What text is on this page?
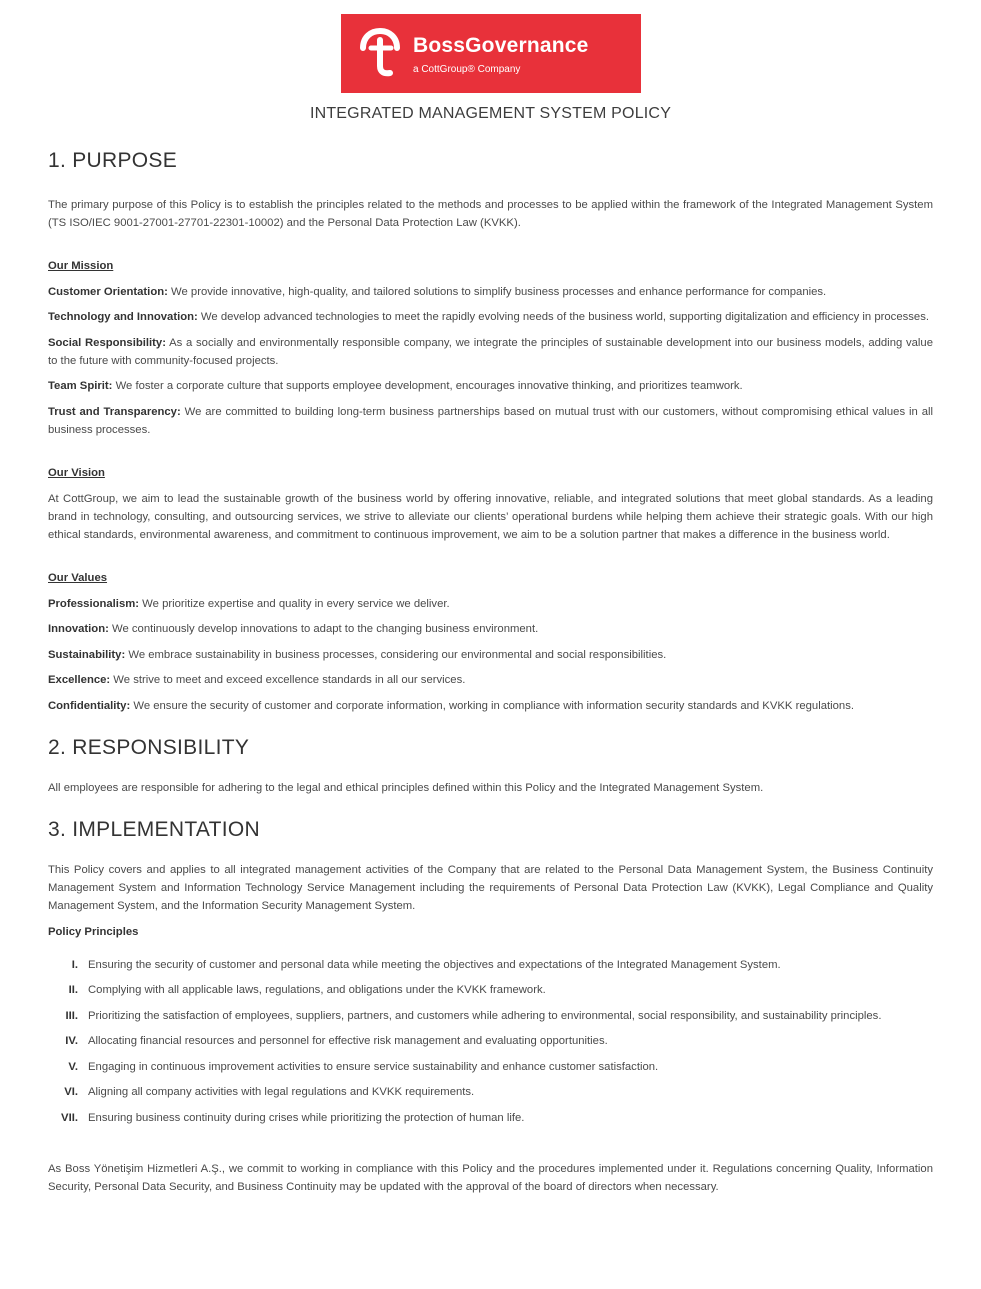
BossGovernance
a CottGroup® Company
INTEGRATED MANAGEMENT SYSTEM POLICY
1. PURPOSE

The primary purpose of this Policy is to establish the principles related to the methods and processes to be applied within the framework of the Integrated Management System (TS ISO/IEC 9001-27001-27701-22301-10002) and the Personal Data Protection Law (KVKK).

Our Mission

Customer Orientation: We provide innovative, high-quality, and tailored solutions to simplify business processes and enhance performance for companies.

Technology and Innovation: We develop advanced technologies to meet the rapidly evolving needs of the business world, supporting digitalization and efficiency in processes.

Social Responsibility: As a socially and environmentally responsible company, we integrate the principles of sustainable development into our business models, adding value to the future with community-focused projects.

Team Spirit: We foster a corporate culture that supports employee development, encourages innovative thinking, and prioritizes teamwork.

Trust and Transparency: We are committed to building long-term business partnerships based on mutual trust with our customers, without compromising ethical values in all business processes.

Our Vision

At CottGroup, we aim to lead the sustainable growth of the business world by offering innovative, reliable, and integrated solutions that meet global standards. As a leading brand in technology, consulting, and outsourcing services, we strive to alleviate our clients’ operational burdens while helping them achieve their strategic goals. With our high ethical standards, environmental awareness, and commitment to continuous improvement, we aim to be a solution partner that makes a difference in the business world.

Our Values

Professionalism: We prioritize expertise and quality in every service we deliver.

Innovation: We continuously develop innovations to adapt to the changing business environment.

Sustainability: We embrace sustainability in business processes, considering our environmental and social responsibilities.

Excellence: We strive to meet and exceed excellence standards in all our services.

Confidentiality: We ensure the security of customer and corporate information, working in compliance with information security standards and KVKK regulations.

2. RESPONSIBILITY

All employees are responsible for adhering to the legal and ethical principles defined within this Policy and the Integrated Management System.

3. IMPLEMENTATION

This Policy covers and applies to all integrated management activities of the Company that are related to the Personal Data Management System, the Business Continuity Management System and Information Technology Service Management including the requirements of Personal Data Protection Law (KVKK), Legal Compliance and Quality Management System, and the Information Security Management System.

Policy Principles

I. Ensuring the security of customer and personal data while meeting the objectives and expectations of the Integrated Management System.

II. Complying with all applicable laws, regulations, and obligations under the KVKK framework.

III. Prioritizing the satisfaction of employees, suppliers, partners, and customers while adhering to environmental, social responsibility, and sustainability principles.

IV. Allocating financial resources and personnel for effective risk management and evaluating opportunities.

V. Engaging in continuous improvement activities to ensure service sustainability and enhance customer satisfaction.

VI. Aligning all company activities with legal regulations and KVKK requirements.

VII. Ensuring business continuity during crises while prioritizing the protection of human life.

As Boss Yönetişim Hizmetleri A.Ş., we commit to working in compliance with this Policy and the procedures implemented under it. Regulations concerning Quality, Information Security, Personal Data Security, and Business Continuity may be updated with the approval of the board of directors when necessary.
